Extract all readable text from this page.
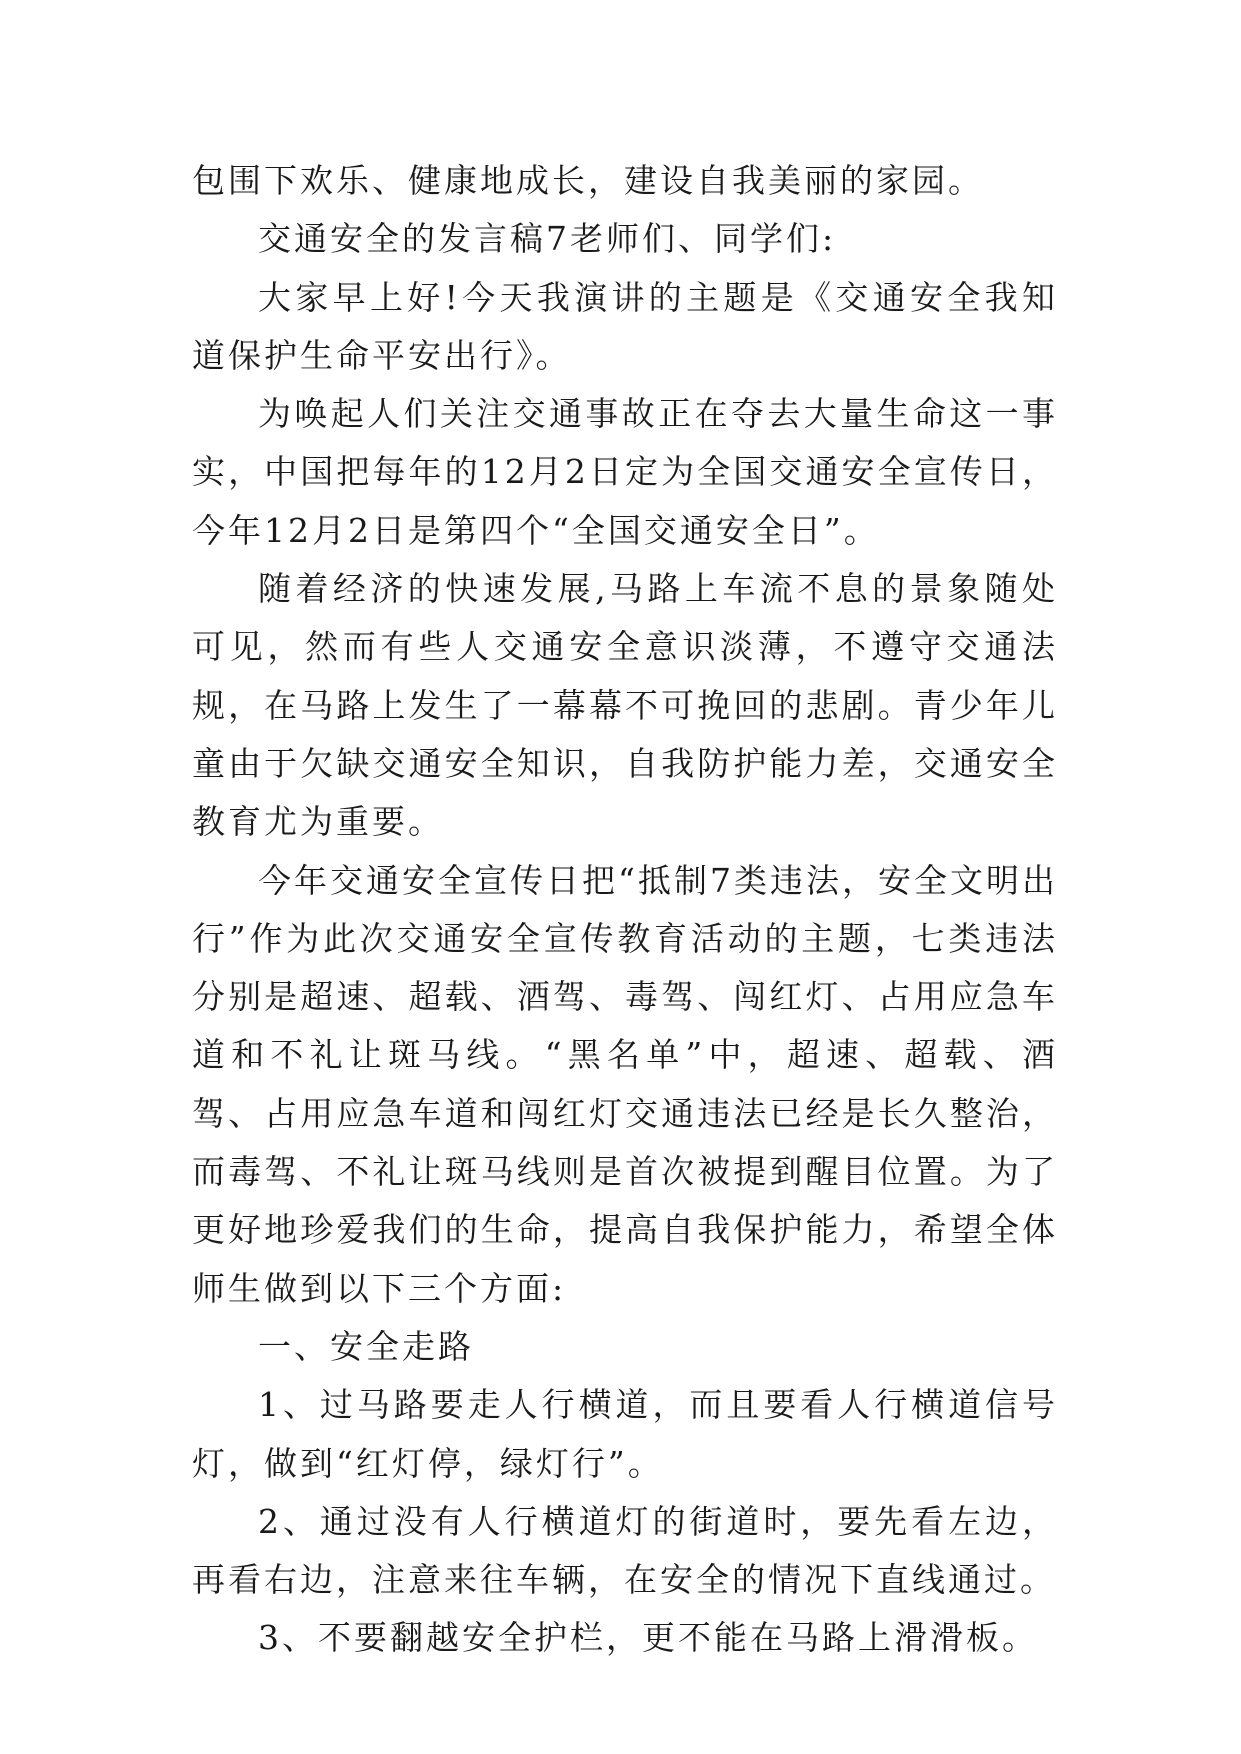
包围下欢乐、健康地成长，建设自我美丽的家园。

交通安全的发言稿7老师们、同学们:

大家早上好!今天我演讲的主题是《交通安全我知道保护生命平安出行》。

为唤起人们关注交通事故正在夺去大量生命这一事实，中国把每年的12月2日定为全国交通安全宣传日，今年12月2日是第四个“全国交通安全日”。

随着经济的快速发展,马路上车流不息的景象随处可见，然而有些人交通安全意识淡薄，不遵守交通法规，在马路上发生了一幕幕不可挽回的悲剧。青少年儿童由于欠缺交通安全知识，自我防护能力差，交通安全教育尤为重要。

今年交通安全宣传日把“抵制7类违法，安全文明出行”作为此次交通安全宣传教育活动的主题，七类违法分别是超速、超载、酒驾、毒驾、闯红灯、占用应急车道和不礼让斑马线。“黑名单”中，超速、超载、酒驾、占用应急车道和闯红灯交通违法已经是长久整治，而毒驾、不礼让斑马线则是首次被提到醒目位置。为了更好地珍爱我们的生命，提高自我保护能力，希望全体师生做到以下三个方面:

一、安全走路

1、过马路要走人行横道，而且要看人行横道信号灯，做到“红灯停，绿灯行”。

2、通过没有人行横道灯的街道时，要先看左边，再看右边，注意来往车辆，在安全的情况下直线通过。

3、不要翻越安全护栏，更不能在马路上滑滑板。
